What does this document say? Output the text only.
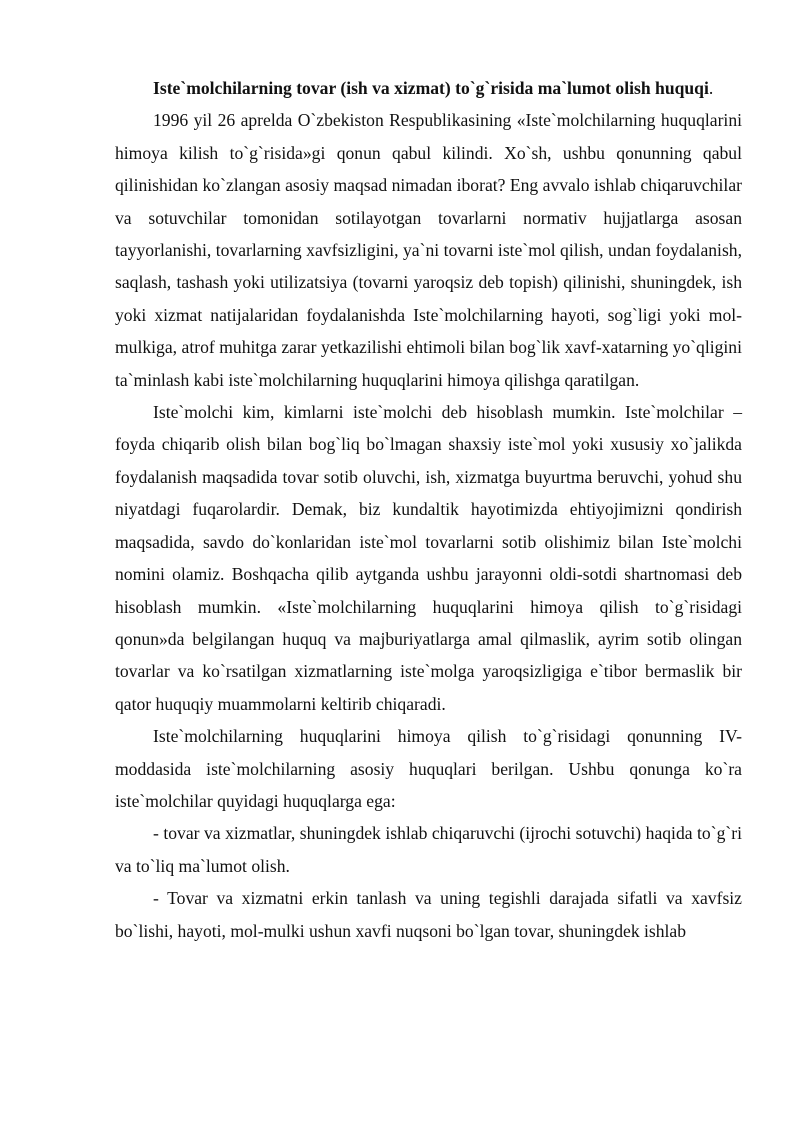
Iste`molchilarning tovar (ish va xizmat) to`g`risida ma`lumot olish huquqi.

1996 yil 26 aprelda O`zbekiston Respublikasining «Iste`molchilarning huquqlarini himoya kilish to`g`risida»gi qonun qabul kilindi. Xo`sh, ushbu qonunning qabul qilinishidan ko`zlangan asosiy maqsad nimadan iborat? Eng avvalo ishlab chiqaruvchilar va sotuvchilar tomonidan sotilayotgan tovarlarni normativ hujjatlarga asosan tayyorlanishi, tovarlarning xavfsizligini, ya`ni tovarni iste`mol qilish, undan foydalanish, saqlash, tashash yoki utilizatsiya (tovarni yaroqsiz deb topish) qilinishi, shuningdek, ish yoki xizmat natijalaridan foydalanishda Iste`molchilarning hayoti, sog`ligi yoki mol-mulkiga, atrof muhitga zarar yetkazilishi ehtimoli bilan bog`lik xavf-xatarning yo`qligini ta`minlash kabi iste`molchilarning huquqlarini himoya qilishga qaratilgan.

Iste`molchi kim, kimlarni iste`molchi deb hisoblash mumkin. Iste`molchilar – foyda chiqarib olish bilan bog`liq bo`lmagan shaxsiy iste`mol yoki xususiy xo`jalikda foydalanish maqsadida tovar sotib oluvchi, ish, xizmatga buyurtma beruvchi, yohud shu niyatdagi fuqarolardir. Demak, biz kundaltik hayotimizda ehtiyojimizni qondirish maqsadida, savdo do`konlaridan iste`mol tovarlarni sotib olishimiz bilan Iste`molchi nomini olamiz. Boshqacha qilib aytganda ushbu jarayonni oldi-sotdi shartnomasi deb hisoblash mumkin. «Iste`molchilarning huquqlarini himoya qilish to`g`risidagi qonun»da belgilangan huquq va majburiyatlarga amal qilmaslik, ayrim sotib olingan tovarlar va ko`rsatilgan xizmatlarning iste`molga yaroqsizligiga e`tibor bermaslik bir qator huquqiy muammolarni keltirib chiqaradi.

Iste`molchilarning huquqlarini himoya qilish to`g`risidagi qonunning IV-moddasida iste`molchilarning asosiy huquqlari berilgan. Ushbu qonunga ko`ra iste`molchilar quyidagi huquqlarga ega:

- tovar va xizmatlar, shuningdek ishlab chiqaruvchi (ijrochi sotuvchi) haqida to`g`ri va to`liq ma`lumot olish.

- Tovar va xizmatni erkin tanlash va uning tegishli darajada sifatli va xavfsiz bo`lishi, hayoti, mol-mulki ushun xavfi nuqsoni bo`lgan tovar, shuningdek ishlab
